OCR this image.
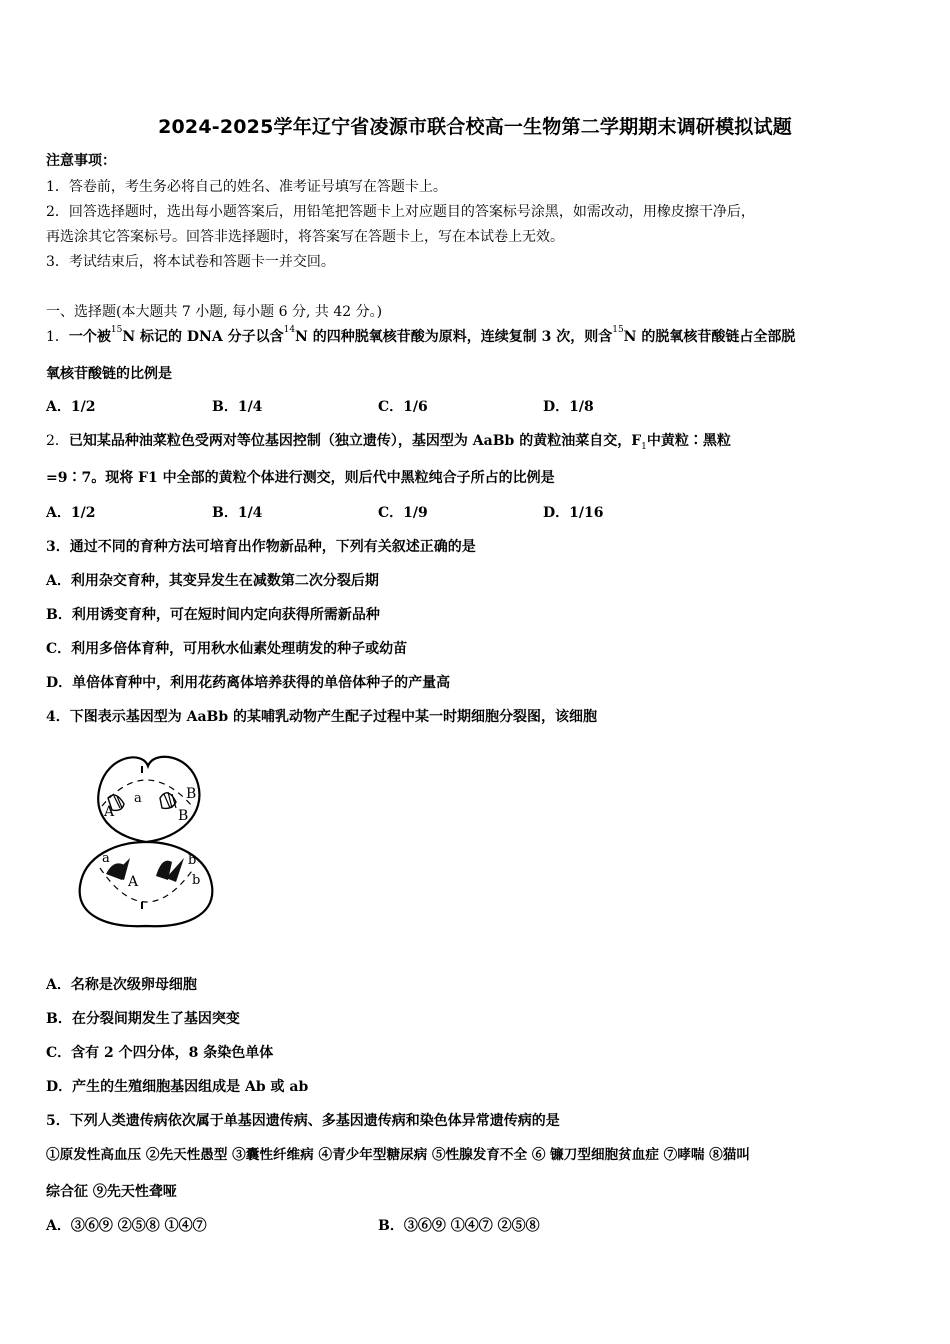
2024-2025学年辽宁省凌源市联合校高一生物第二学期期末调研模拟试题
注意事项：
1．答卷前，考生务必将自己的姓名、准考证号填写在答题卡上。
2．回答选择题时，选出每小题答案后，用铅笔把答题卡上对应题目的答案标号涂黑，如需改动，用橡皮擦干净后，
再选涂其它答案标号。回答非选择题时，将答案写在答题卡上，写在本试卷上无效。
3．考试结束后，将本试卷和答题卡一并交回。
一、选择题(本大题共 7 小题, 每小题 6 分, 共 42 分。)
1．一个被$^{15}$N 标记的 DNA 分子以含$^{14}$N 的四种脱氧核苷酸为原料，连续复制 3 次，则含$^{15}$N 的脱氧核苷酸链占全部脱
氧核苷酸链的比例是
A．1/2	B．1/4	C．1/6	D．1/8
2．已知某品种油菜粒色受两对等位基因控制（独立遗传），基因型为 AaBb 的黄粒油菜自交，$F_1$中黄粒∶黑粒
=9∶7。现将 F1 中全部的黄粒个体进行测交，则后代中黑粒纯合子所占的比例是
A．1/2	B．1/4	C．1/9	D．1/16
3．通过不同的育种方法可培育出作物新品种，下列有关叙述正确的是
A．利用杂交育种，其变异发生在减数第二次分裂后期
B．利用诱变育种，可在短时间内定向获得所需新品种
C．利用多倍体育种，可用秋水仙素处理萌发的种子或幼苗
D．单倍体育种中，利用花药离体培养获得的单倍体种子的产量高
4．下图表示基因型为 AaBb 的某哺乳动物产生配子过程中某一时期细胞分裂图，该细胞
a
A
B
B
a
A
b
b
A．名称是次级卵母细胞
B．在分裂间期发生了基因突变
C．含有 2 个四分体，8 条染色单体
D．产生的生殖细胞基因组成是 Ab 或 ab
5．下列人类遗传病依次属于单基因遗传病、多基因遗传病和染色体异常遗传病的是
①原发性高血压 ②先天性愚型 ③囊性纤维病 ④青少年型糖尿病 ⑤性腺发育不全 ⑥ 镰刀型细胞贫血症 ⑦哮喘 ⑧猫叫
综合征 ⑨先天性聋哑
A．③⑥⑨ ②⑤⑧ ①④⑦	B．③⑥⑨ ①④⑦ ②⑤⑧
